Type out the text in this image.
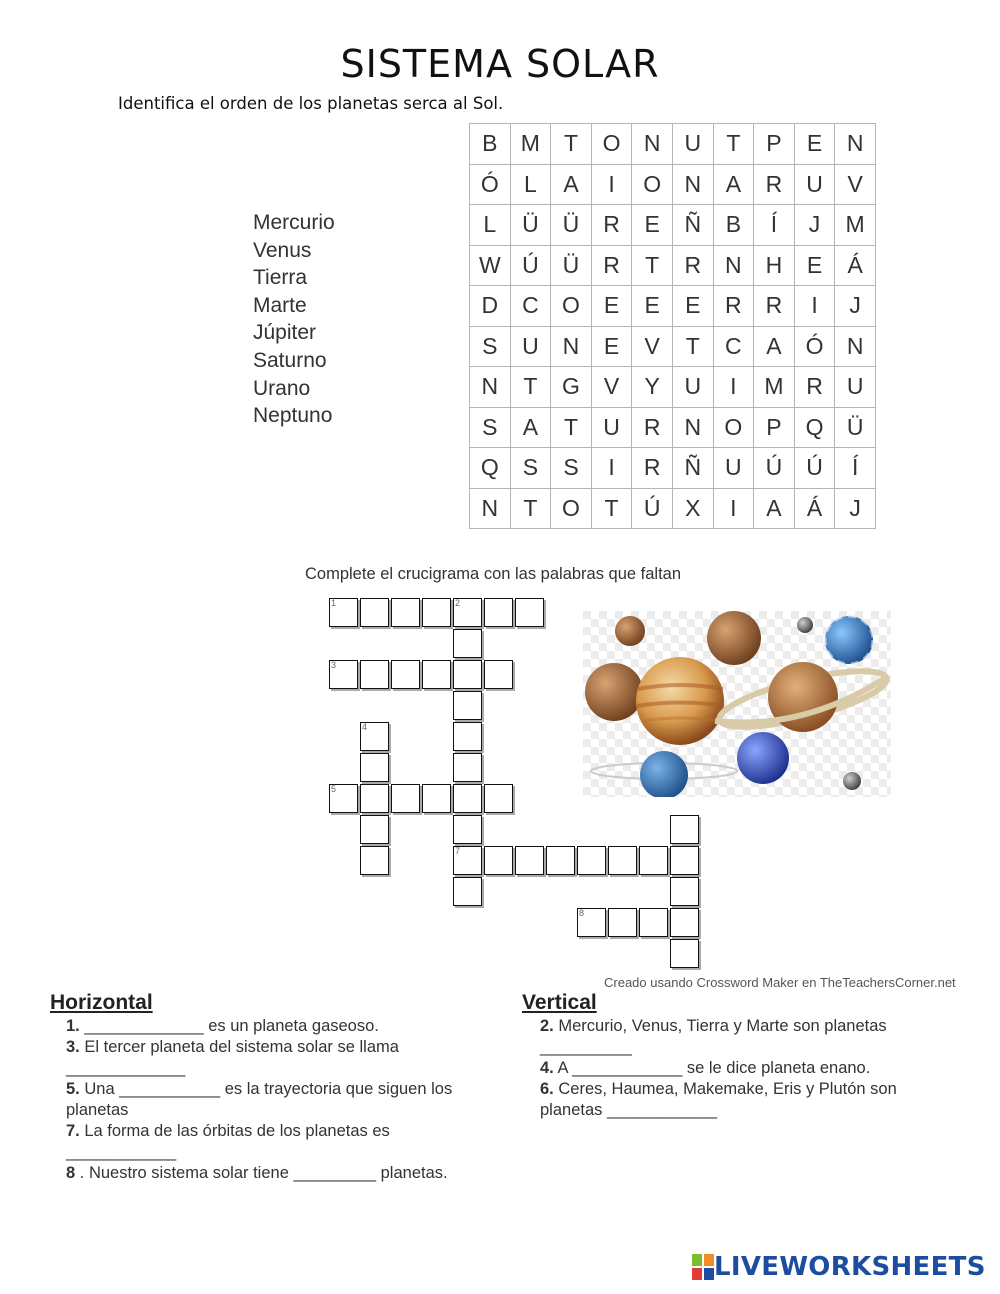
SISTEMA SOLAR
Identifica el orden de los planetas serca al Sol.
Mercurio
Venus
Tierra
Marte
Júpiter
Saturno
Urano
Neptuno
B	M	T	O	N	U	T	P	E	N
Ó	L	A	I	O	N	A	R	U	V
L	Ü	Ü	R	E	Ñ	B	Í	J	M
W	Ú	Ü	R	T	R	N	H	E	Á
D	C	O	E	E	E	R	R	I	J
S	U	N	E	V	T	C	A	Ó	N
N	T	G	V	Y	U	I	M	R	U
S	A	T	U	R	N	O	P	Q	Ü
Q	S	S	I	R	Ñ	U	Ú	Ú	Í
N	T	O	T	Ú	X	I	A	Á	J
Complete el crucigrama con las palabras que faltan
1	2
3
4
5
7
8
Creado usando Crossword Maker en TheTeachersCorner.net
Horizontal

1. _____________ es un planeta gaseoso.

3. El tercer planeta del sistema solar se llama

_____________

5. Una ___________ es la trayectoria que siguen los

planetas

7. La forma de las órbitas de los planetas es

____________

8 . Nuestro sistema solar tiene _________ planetas.

Vertical

2. Mercurio, Venus, Tierra y Marte son planetas

__________

4. A ____________ se le dice planeta enano.

6. Ceres, Haumea, Makemake, Eris y Plutón son

planetas ____________

LIVEWORKSHEETS
